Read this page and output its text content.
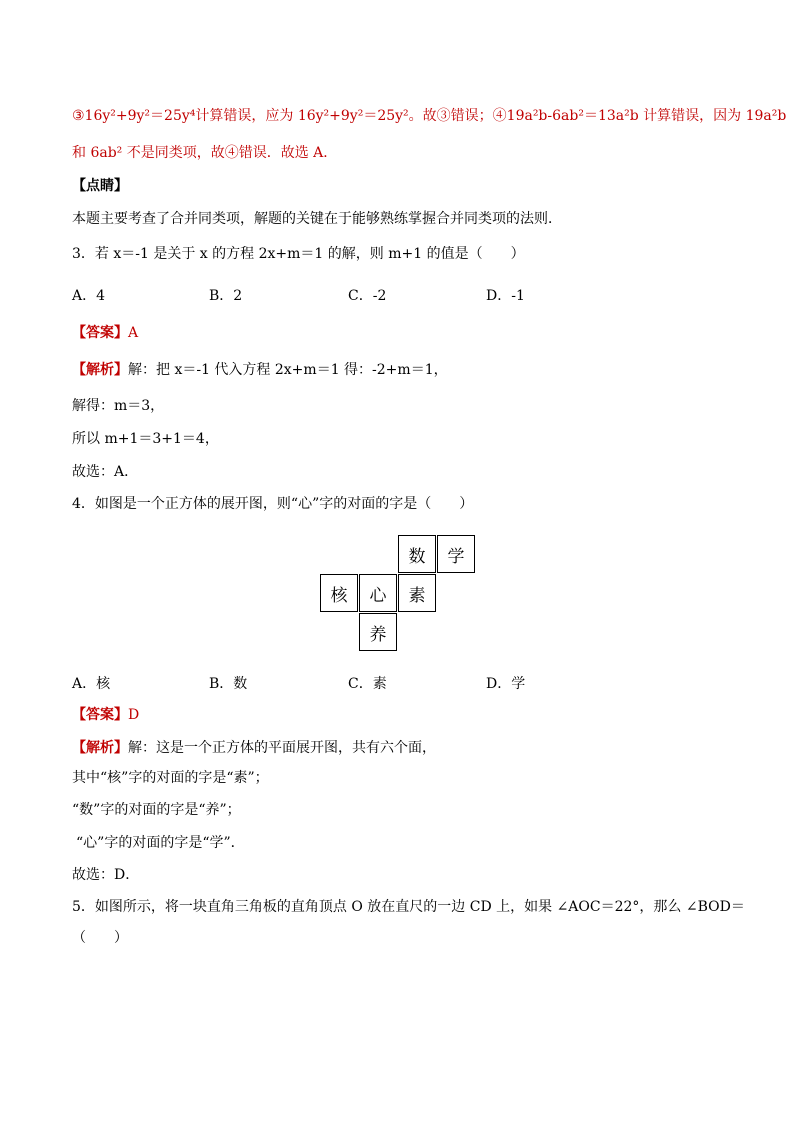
③16y²+9y²＝25y⁴计算错误，应为 16y²+9y²＝25y²。故③错误；④19a²b-6ab²＝13a²b 计算错误，因为 19a²b
和 6ab² 不是同类项，故④错误．故选 A．
【点睛】
本题主要考查了合并同类项，解题的关键在于能够熟练掌握合并同类项的法则．
3．若 x＝-1 是关于 x 的方程 2x+m＝1 的解，则 m+1 的值是（　　）
A．4	B．2	C．-2	D．-1
【答案】A
【解析】解：把 x＝-1 代入方程 2x+m＝1 得：-2+m＝1，
解得：m＝3，
所以 m+1＝3+1＝4，
故选：A．
4．如图是一个正方体的展开图，则“心”字的对面的字是（　　）
数	学
核	心	素
养
A．核	B．数	C．素	D．学
【答案】D
【解析】解：这是一个正方体的平面展开图，共有六个面，
其中“核”字的对面的字是“素”；
“数”字的对面的字是“养”；
“心”字的对面的字是“学”．
故选：D．
5．如图所示，将一块直角三角板的直角顶点 O 放在直尺的一边 CD 上，如果 ∠AOC＝22°，那么 ∠BOD＝
（　　）
